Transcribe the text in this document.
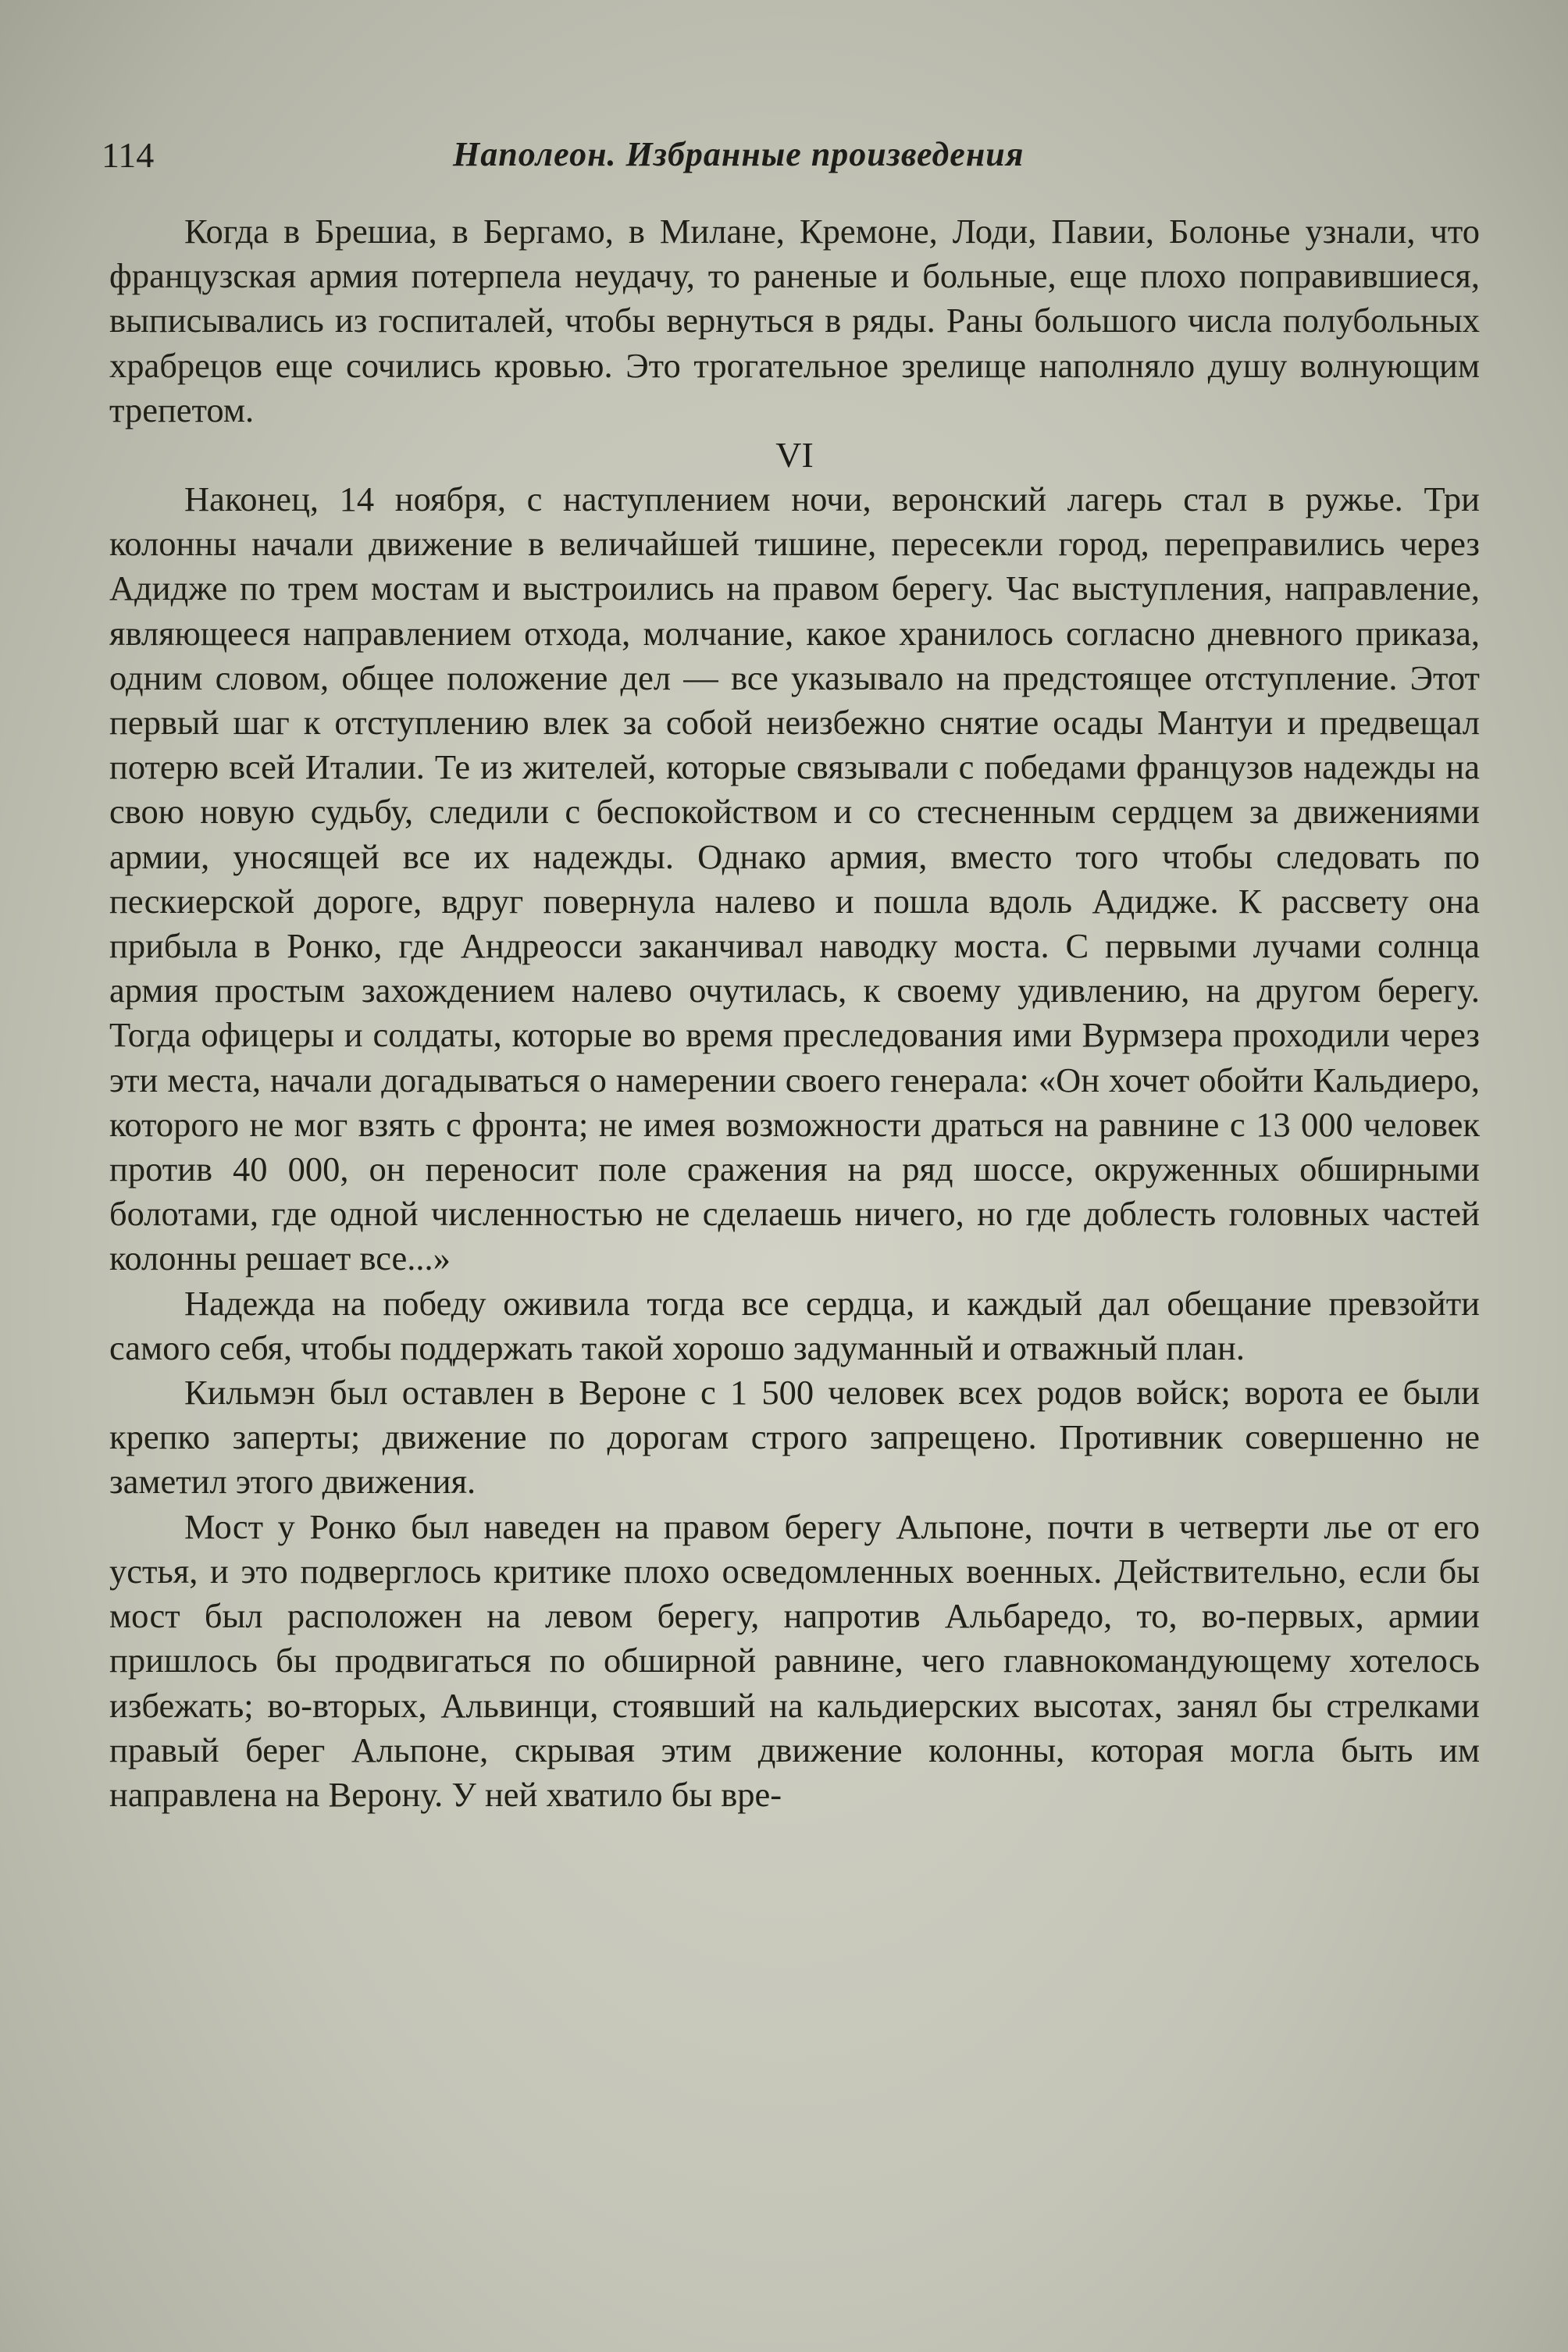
114	Наполеон. Избранные произведения

Когда в Брешиа, в Бергамо, в Милане, Кремоне, Лоди, Павии, Болонье узнали, что французская армия потерпела неудачу, то раненые и больные, еще плохо поправившиеся, выписывались из госпиталей, чтобы вернуться в ряды. Раны большого числа полубольных храбрецов еще сочились кровью. Это трогательное зрелище наполняло душу волнующим трепетом.

VI

Наконец, 14 ноября, с наступлением ночи, веронский лагерь стал в ружье. Три колонны начали движение в величайшей тишине, пересекли город, переправились через Адидже по трем мостам и выстроились на правом берегу. Час выступления, направление, являющееся направлением отхода, молчание, какое хранилось согласно дневного приказа, одним словом, общее положение дел — все указывало на предстоящее отступление. Этот первый шаг к отступлению влек за собой неизбежно снятие осады Мантуи и предвещал потерю всей Италии. Те из жителей, которые связывали с победами французов надежды на свою новую судьбу, следили с беспокойством и со стесненным сердцем за движениями армии, уносящей все их надежды. Однако армия, вместо того чтобы следовать по пескиерской дороге, вдруг повернула налево и пошла вдоль Адидже. К рассвету она прибыла в Ронко, где Андреосси заканчивал наводку моста. С первыми лучами солнца армия простым захождением налево очутилась, к своему удивлению, на другом берегу. Тогда офицеры и солдаты, которые во время преследования ими Вурмзера проходили через эти места, начали догадываться о намерении своего генерала: «Он хочет обойти Кальдиеро, которого не мог взять с фронта; не имея возможности драться на равнине с 13 000 человек против 40 000, он переносит поле сражения на ряд шоссе, окруженных обширными болотами, где одной численностью не сделаешь ничего, но где доблесть головных частей колонны решает все...»

Надежда на победу оживила тогда все сердца, и каждый дал обещание превзойти самого себя, чтобы поддержать такой хорошо задуманный и отважный план.

Кильмэн был оставлен в Вероне с 1 500 человек всех родов войск; ворота ее были крепко заперты; движение по дорогам строго запрещено. Противник совершенно не заметил этого движения.

Мост у Ронко был наведен на правом берегу Альпоне, почти в четверти лье от его устья, и это подверглось критике плохо осведомленных военных. Действительно, если бы мост был расположен на левом берегу, напротив Альбаредо, то, во-первых, армии пришлось бы продвигаться по обширной равнине, чего главнокомандующему хотелось избежать; во-вторых, Альвинци, стоявший на кальдиерских высотах, занял бы стрелками правый берег Альпоне, скрывая этим движение колонны, которая могла быть им направлена на Верону. У ней хватило бы вре-
